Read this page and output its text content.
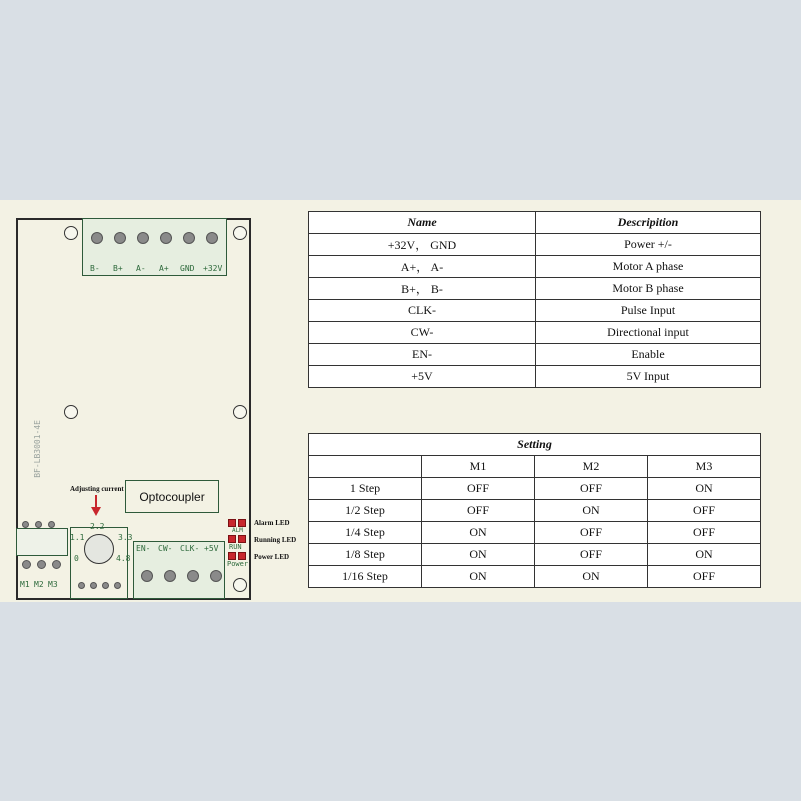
B- B+ A- A+ GND +32V
BF-LB3001-4E
Optocoupler
Adjusting current
M1 M2 M3
2.2
1.1	3.3
0	4.8
EN- CW- CLK- +5V
ALM
RUN
Power
Alarm LED
Running LED
Power LED
Name	Descripition
+32V， GND	Power +/-
A+， A-	Motor A phase
B+， B-	Motor B phase
CLK-	Pulse Input
CW-	Directional input
EN-	Enable
+5V	5V Input
Setting			
	M1	M2	M3
1 Step	OFF	OFF	ON
1/2 Step	OFF	ON	OFF
1/4 Step	ON	OFF	OFF
1/8 Step	ON	OFF	ON
1/16 Step	ON	ON	OFF
